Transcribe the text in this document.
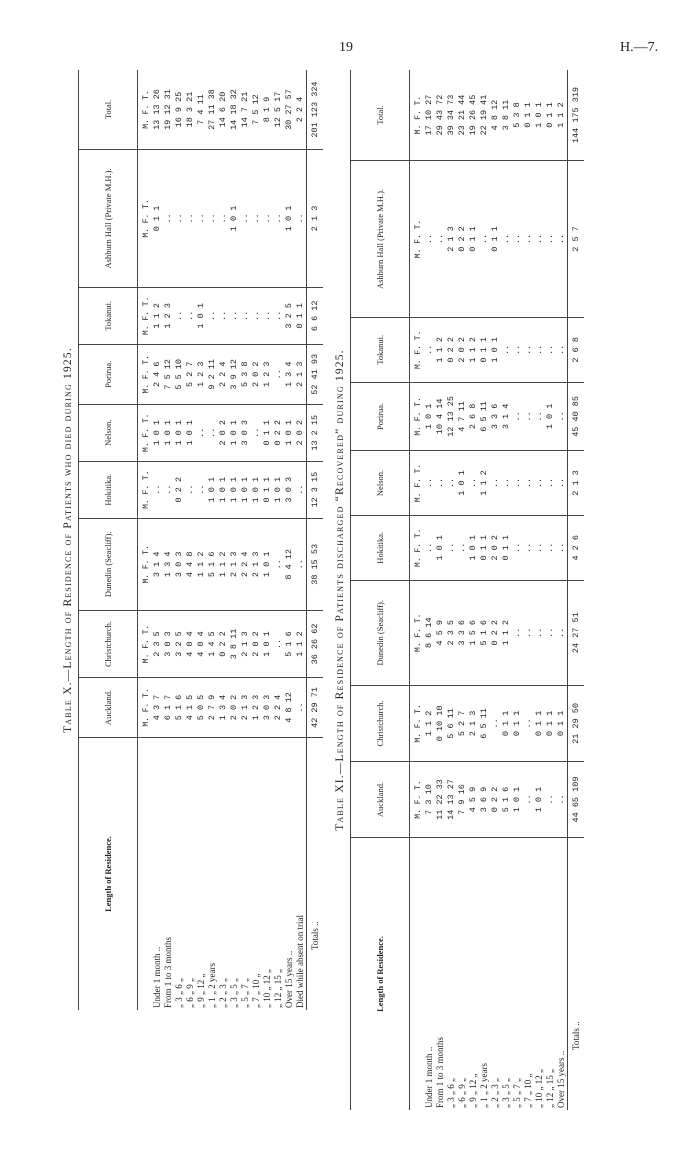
19	H.—7.
Table X.—Length of Residence of Patients who died during 1925.
Length of Residence.	Auckland.	Christchurch.	Dunedin (Seacliff).	Hokitika.	Nelson.	Porirua.	Tokanui.	Ashburn Hall (Private M.H.).	Total.
	M. F. T.	M. F. T.	M. F. T.	M. F. T.	M. F. T.	M. F. T.	M. F. T.	M. F. T.	M. F. T.
Under 1 month ..	4 3 7	2 3 5	3 1 4	..	1 0 1	2 4 6	1 1 2	0 1 1	13 13 26
From 1 to 3 months	6 1 7	3 0 3	1 3 4	..	1 0 1	7 5 12	1 2 3	..	19 12 31
„ 3 „ 6 „	5 1 6	3 2 5	3 0 3	0 2 2	1 0 1	5 5 10	..	..	16 9 25
„ 6 „ 9 „	4 1 5	4 0 4	4 4 8	..	1 0 1	5 2 7	..	..	18 3 21
„ 9 „ 12 „	5 0 5	4 0 4	1 1 2	..	..	1 2 3	1 0 1	..	7 4 11
„ 1 „ 2 years	2 7 9	1 4 5	5 1 6	1 0 1	..	9 2 11	..	..	27 11 38
„ 2 „ 3 „	1 3 4	0 2 2	1 1 2	1 0 1	2 0 2	2 2 4	..	..	14 6 20
„ 3 „ 5 „	2 0 2	3 8 11	2 1 3	1 0 1	1 0 1	3 9 12	..	1 0 1	14 18 32
„ 5 „ 7 „	2 1 3	2 1 3	2 2 4	1 0 1	3 0 3	5 3 8	..	..	14 7 21
„ 7 „ 10 „	1 2 3	2 0 2	2 1 3	1 0 1	..	2 0 2	..	..	7 5 12
„ 10 „ 12 „	3 0 3	1 0 1	1 0 1	0 1 1	0 1 1	1 2 3	..	..	8 1 9
„ 12 „ 15 „	2 2 4	..	..	1 0 1	0 2 2	..	..	..	12 5 17
Over 15 years ..	4 8 12	5 1 6	8 4 12	3 0 3	1 0 1	1 3 4	3 2 5	1 0 1	30 27 57
Died while absent on trial	..	1 1 2	..	..	2 0 2	2 1 3	0 1 1	..	2 2 4
Totals ..	42 29 71	36 26 62	38 15 53	12 3 15	13 2 15	52 41 93	6 6 12	2 1 3	201 123 324
Table XI.—Length of Residence of Patients discharged “Recovered” during 1925.
Length of Residence.	Auckland.	Christchurch.	Dunedin (Seacliff).	Hokitika.	Nelson.	Porirua.	Tokanui.	Ashburn Hall (Private M.H.).	Total.
	M. F. T.	M. F. T.	M. F. T.	M. F. T.	M. F. T.	M. F. T.	M. F. T.	M. F. T.	M. F. T.
Under 1 month ..	7 3 10	1 1 2	8 6 14	..	..	1 0 1	..	..	17 10 27
From 1 to 3 months	11 22 33	0 10 10	4 5 9	1 0 1	..	10 4 14	1 1 2	..	29 43 72
„ 3 „ 6 „	14 13 27	5 6 11	2 3 5	..	..	12 13 25	0 2 2	2 1 3	39 34 73
„ 6 „ 9 „	7 9 16	5 2 7	3 3 6	..	1 0 1	4 7 11	2 0 2	0 2 2	23 21 44
„ 9 „ 12 „	4 5 9	2 1 3	1 5 6	1 0 1	..	2 6 8	1 1 2	0 1 1	19 26 45
„ 1 „ 2 years	3 6 9	6 5 11	5 1 6	0 1 1	1 1 2	6 5 11	0 1 1	..	22 19 41
„ 2 „ 3 „	0 2 2	..	0 2 2	2 0 2	..	3 3 6	1 0 1	0 1 1	4 8 12
„ 3 „ 5 „	5 1 6	0 1 1	1 1 2	0 1 1	..	3 1 4	..	..	3 8 11
„ 5 „ 7 „	1 0 1	0 1 1	..	..	..	..	..	..	5 3 8
„ 7 „ 10 „	..	..	..	..	..	..	..	..	0 1 1
„ 10 „ 12 „	1 0 1	0 1 1	..	..	..	..	..	..	1 0 1
„ 12 „ 15 „	..	0 1 1	..	..	..	1 0 1	..	..	0 1 1
Over 15 years ..	..	0 1 1	..	..	..	..	..	..	1 1 2
Totals ..	44 65 109	21 29 50	24 27 51	4 2 6	2 1 3	45 40 85	2 6 8	2 5 7	144 175 319
